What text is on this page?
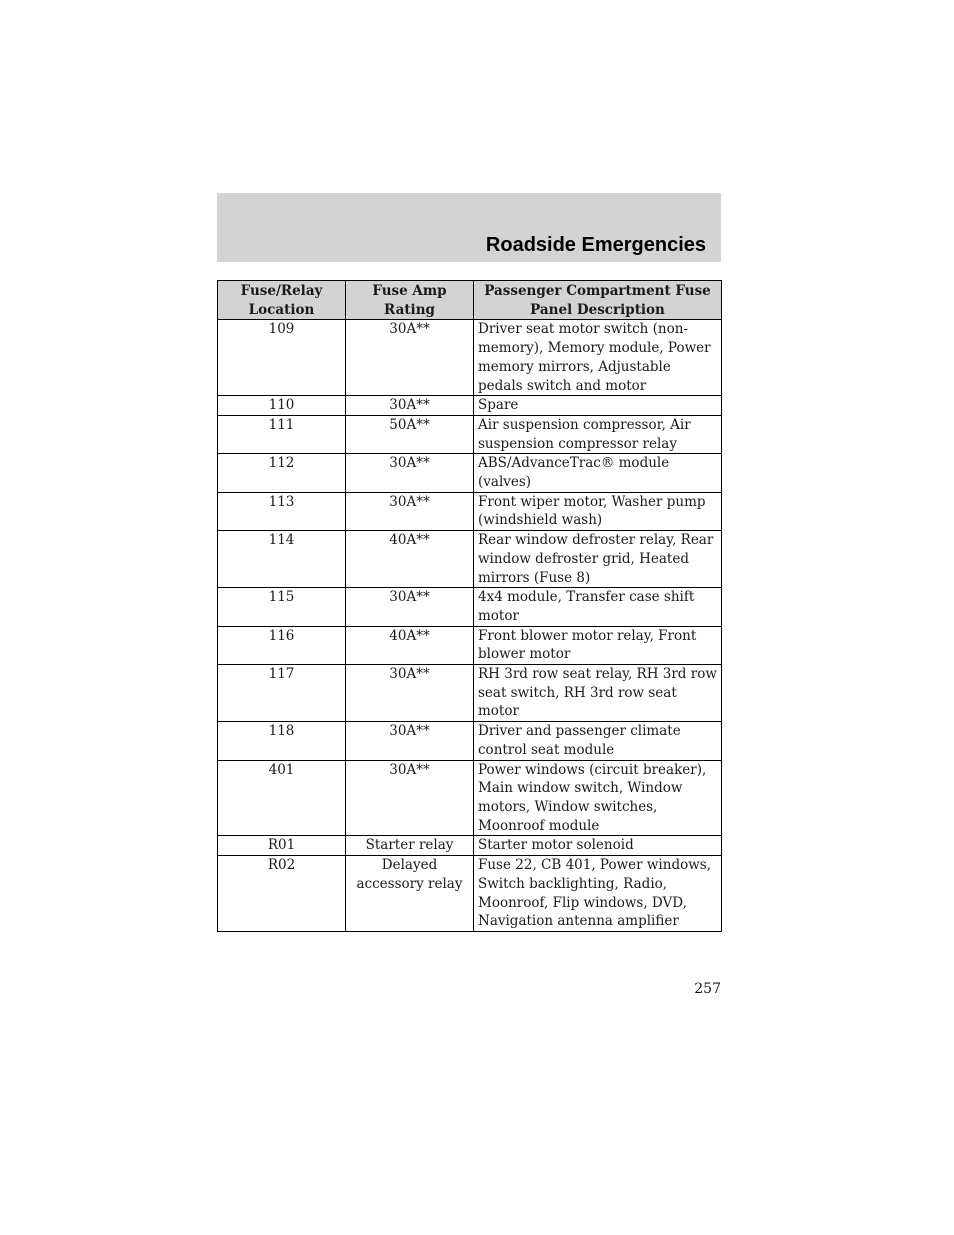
Roadside Emergencies
Fuse/Relay Location	Fuse Amp Rating	Passenger Compartment Fuse Panel Description
109	30A**	Driver seat motor switch (non-memory), Memory module, Power memory mirrors, Adjustable pedals switch and motor
110	30A**	Spare
111	50A**	Air suspension compressor, Air suspension compressor relay
112	30A**	ABS/AdvanceTrac® module (valves)
113	30A**	Front wiper motor, Washer pump (windshield wash)
114	40A**	Rear window defroster relay, Rear window defroster grid, Heated mirrors (Fuse 8)
115	30A**	4x4 module, Transfer case shift motor
116	40A**	Front blower motor relay, Front blower motor
117	30A**	RH 3rd row seat relay, RH 3rd row seat switch, RH 3rd row seat motor
118	30A**	Driver and passenger climate control seat module
401	30A**	Power windows (circuit breaker), Main window switch, Window motors, Window switches, Moonroof module
R01	Starter relay	Starter motor solenoid
R02	Delayed accessory relay	Fuse 22, CB 401, Power windows, Switch backlighting, Radio, Moonroof, Flip windows, DVD, Navigation antenna amplifier
257
